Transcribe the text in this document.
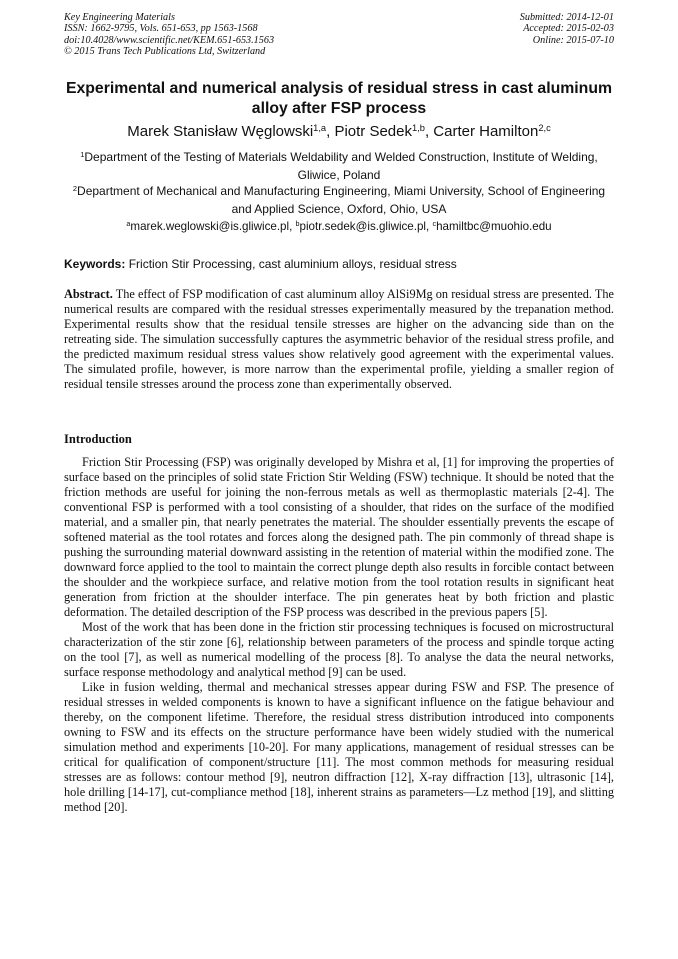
Key Engineering Materials
ISSN: 1662-9795, Vols. 651-653, pp 1563-1568
doi:10.4028/www.scientific.net/KEM.651-653.1563
© 2015 Trans Tech Publications Ltd, Switzerland
Submitted: 2014-12-01
Accepted: 2015-02-03
Online: 2015-07-10
Experimental and numerical analysis of residual stress in cast aluminum alloy after FSP process
Marek Stanisław Węglowski$^{1,a}$, Piotr Sedek$^{1,b}$, Carter Hamilton$^{2,c}$
$^1$Department of the Testing of Materials Weldability and Welded Construction, Institute of Welding, Gliwice, Poland
$^2$Department of Mechanical and Manufacturing Engineering, Miami University, School of Engineering and Applied Science, Oxford, Ohio, USA
$^a$marek.weglowski@is.gliwice.pl, $^b$piotr.sedek@is.gliwice.pl, $^c$hamiltbc@muohio.edu
Keywords: Friction Stir Processing, cast aluminium alloys, residual stress
Abstract. The effect of FSP modification of cast aluminum alloy AlSi9Mg on residual stress are presented. The numerical results are compared with the residual stresses experimentally measured by the trepanation method. Experimental results show that the residual tensile stresses are higher on the advancing side than on the retreating side. The simulation successfully captures the asymmetric behavior of the residual stress profile, and the predicted maximum residual stress values show relatively good agreement with the experimental values. The simulated profile, however, is more narrow than the experimental profile, yielding a smaller region of residual tensile stresses around the process zone than experimentally observed.
Introduction

Friction Stir Processing (FSP) was originally developed by Mishra et al, [1] for improving the properties of surface based on the principles of solid state Friction Stir Welding (FSW) technique. It should be noted that the friction methods are useful for joining the non-ferrous metals as well as thermoplastic materials [2-4]. The conventional FSP is performed with a tool consisting of a shoulder, that rides on the surface of the modified material, and a smaller pin, that nearly penetrates the material. The shoulder essentially prevents the escape of softened material as the tool rotates and forces along the designed path. The pin commonly of thread shape is pushing the surrounding material downward assisting in the retention of material within the modified zone. The downward force applied to the tool to maintain the correct plunge depth also results in forcible contact between the shoulder and the workpiece surface, and relative motion from the tool rotation results in significant heat generation from friction at the shoulder interface. The pin generates heat by both friction and plastic deformation. The detailed description of the FSP process was described in the previous papers [5].

Most of the work that has been done in the friction stir processing techniques is focused on microstructural characterization of the stir zone [6], relationship between parameters of the process and spindle torque acting on the tool [7], as well as numerical modelling of the process [8]. To analyse the data the neural networks, surface response methodology and analytical method [9] can be used.

Like in fusion welding, thermal and mechanical stresses appear during FSW and FSP. The presence of residual stresses in welded components is known to have a significant influence on the fatigue behaviour and thereby, on the component lifetime. Therefore, the residual stress distribution introduced into components owning to FSW and its effects on the structure performance have been widely studied with the numerical simulation method and experiments [10-20]. For many applications, management of residual stresses can be critical for qualification of component/structure [11]. The most common methods for measuring residual stresses are as follows: contour method [9], neutron diffraction [12], X-ray diffraction [13], ultrasonic [14], hole drilling [14-17], cut-compliance method [18], inherent strains as parameters—Lz method [19], and slitting method [20].
